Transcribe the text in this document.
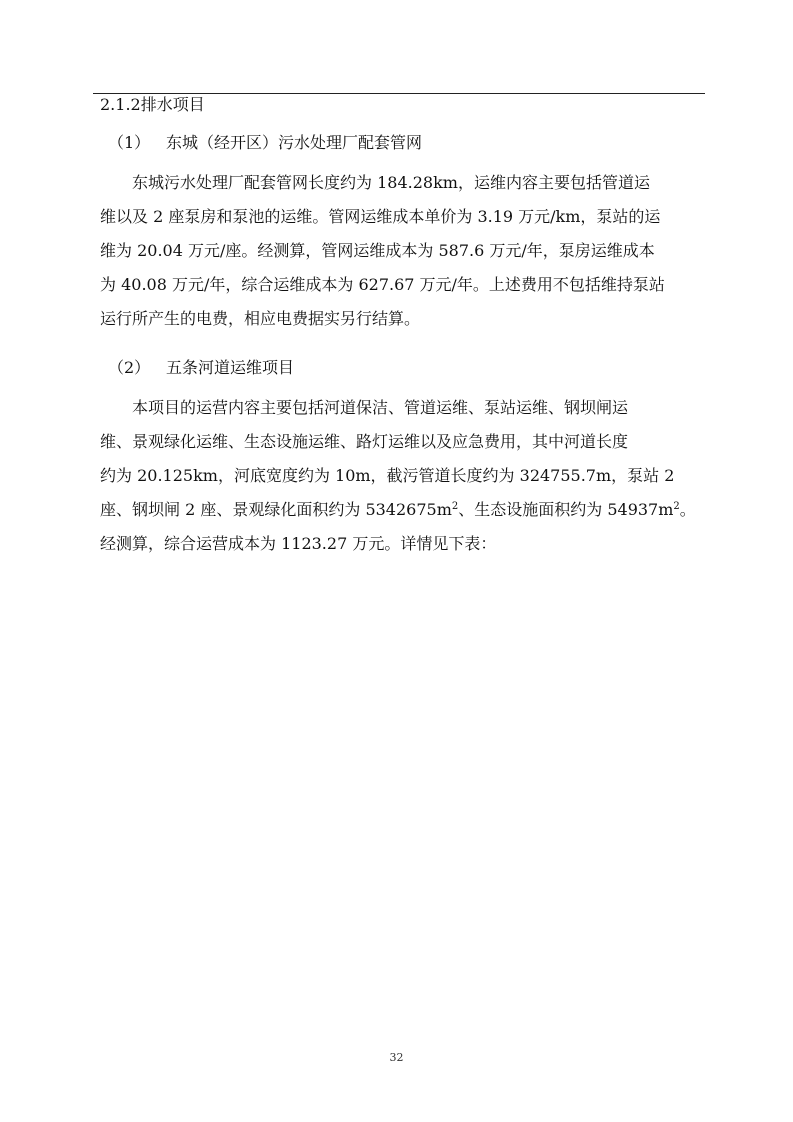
2.1.2排水项目
（1） 东城（经开区）污水处理厂配套管网
东城污水处理厂配套管网长度约为 184.28km，运维内容主要包括管道运
维以及 2 座泵房和泵池的运维。管网运维成本单价为 3.19 万元/km，泵站的运
维为 20.04 万元/座。经测算，管网运维成本为 587.6 万元/年，泵房运维成本
为 40.08 万元/年，综合运维成本为 627.67 万元/年。上述费用不包括维持泵站
运行所产生的电费，相应电费据实另行结算。
（2） 五条河道运维项目
本项目的运营内容主要包括河道保洁、管道运维、泵站运维、钢坝闸运
维、景观绿化运维、生态设施运维、路灯运维以及应急费用，其中河道长度
约为 20.125km，河底宽度约为 10m，截污管道长度约为 324755.7m，泵站 2
座、钢坝闸 2 座、景观绿化面积约为 $5342675m^2$、生态设施面积约为 $54937m^2$。
经测算，综合运营成本为 1123.27 万元。详情见下表：
32
